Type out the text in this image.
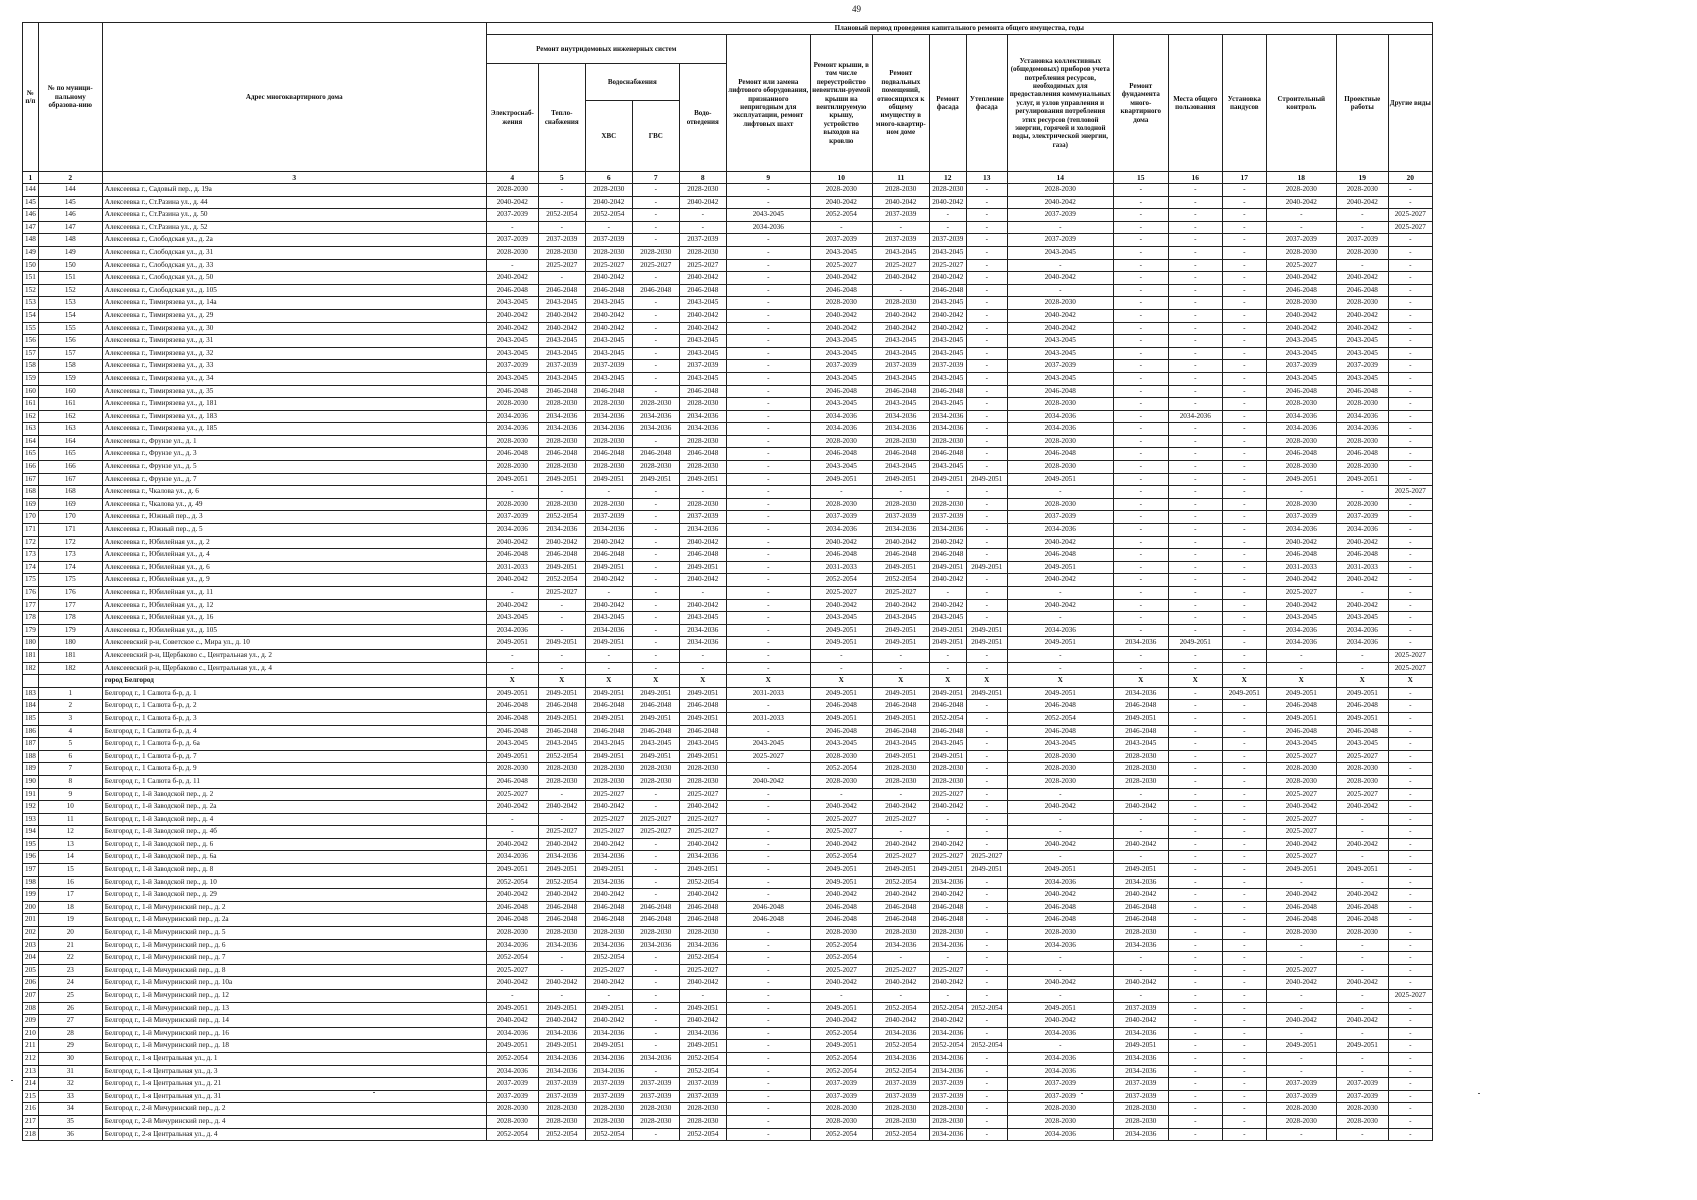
49
№ п/п	№ по муници-пальному образова-нию	Адрес многоквартирного дома	Плановый период проведения капитального ремонта общего имущества, годы																
			Ремонт внутридомовых инженерных систем					Ремонт или замена лифтового оборудования, признанного непригодным для эксплуатации, ремонт лифтовых шахт	Ремонт крыши, в том числе переустройство невентили-руемой крыши на вентилируемую крышу, устройство выходов на кровлю	Ремонт подвальных помещений, относящихся к общему имуществу в много-квартир-ном доме	Ремонт фасада	Утепление фасада	Установка коллективных (общедомовых) приборов учета потребления ресурсов, необходимых для предоставления коммунальных услуг, и узлов управления и регулирования потребления этих ресурсов (тепловой энергии, горячей и холодной воды, электрической энергии, газа)	Ремонт фундамента много-квартирного дома	Места общего пользования	Установка пандусов	Строительный контроль	Проектные работы	Другие виды
			Электроснаб-жения	Тепло-снабжения	Водоснабжения		Водо-отведения												
					ХВС	ГВС													
1	2	3	4	5	6	7	8	9	10	11	12	13	14	15	16	17	18	19	20
144	144	Алексеевка г., Садовый пер., д. 19а	2028-2030	-	2028-2030	-	2028-2030	-	2028-2030	2028-2030	2028-2030	-	2028-2030	-	-	-	2028-2030	2028-2030	-
145	145	Алексеевка г., Ст.Разина ул., д. 44	2040-2042	-	2040-2042	-	2040-2042	-	2040-2042	2040-2042	2040-2042	-	2040-2042	-	-	-	2040-2042	2040-2042	-
146	146	Алексеевка г., Ст.Разина ул., д. 50	2037-2039	2052-2054	2052-2054	-	-	2043-2045	2052-2054	2037-2039	-	-	2037-2039	-	-	-	-	-	2025-2027
147	147	Алексеевка г., Ст.Разина ул., д. 52	-	-	-	-	-	2034-2036	-	-	-	-	-	-	-	-	-	-	2025-2027
148	148	Алексеевка г., Слободская ул., д. 2а	2037-2039	2037-2039	2037-2039	-	2037-2039	-	2037-2039	2037-2039	2037-2039	-	2037-2039	-	-	-	2037-2039	2037-2039	-
149	149	Алексеевка г., Слободская ул., д. 31	2028-2030	2028-2030	2028-2030	2028-2030	2028-2030	-	2043-2045	2043-2045	2043-2045	-	2043-2045	-	-	-	2028-2030	2028-2030	-
150	150	Алексеевка г., Слободская ул., д. 33	-	2025-2027	2025-2027	2025-2027	2025-2027	-	2025-2027	2025-2027	2025-2027	-	-	-	-	-	2025-2027	-	-
151	151	Алексеевка г., Слободская ул., д. 50	2040-2042	-	2040-2042	-	2040-2042	-	2040-2042	2040-2042	2040-2042	-	2040-2042	-	-	-	2040-2042	2040-2042	-
152	152	Алексеевка г., Слободская ул., д. 105	2046-2048	2046-2048	2046-2048	2046-2048	2046-2048	-	2046-2048	-	2046-2048	-	-	-	-	-	2046-2048	2046-2048	-
153	153	Алексеевка г., Тимирязева ул., д. 14а	2043-2045	2043-2045	2043-2045	-	2043-2045	-	2028-2030	2028-2030	2043-2045	-	2028-2030	-	-	-	2028-2030	2028-2030	-
154	154	Алексеевка г., Тимирязева ул., д. 29	2040-2042	2040-2042	2040-2042	-	2040-2042	-	2040-2042	2040-2042	2040-2042	-	2040-2042	-	-	-	2040-2042	2040-2042	-
155	155	Алексеевка г., Тимирязева ул., д. 30	2040-2042	2040-2042	2040-2042	-	2040-2042	-	2040-2042	2040-2042	2040-2042	-	2040-2042	-	-	-	2040-2042	2040-2042	-
156	156	Алексеевка г., Тимирязева ул., д. 31	2043-2045	2043-2045	2043-2045	-	2043-2045	-	2043-2045	2043-2045	2043-2045	-	2043-2045	-	-	-	2043-2045	2043-2045	-
157	157	Алексеевка г., Тимирязева ул., д. 32	2043-2045	2043-2045	2043-2045	-	2043-2045	-	2043-2045	2043-2045	2043-2045	-	2043-2045	-	-	-	2043-2045	2043-2045	-
158	158	Алексеевка г., Тимирязева ул., д. 33	2037-2039	2037-2039	2037-2039	-	2037-2039	-	2037-2039	2037-2039	2037-2039	-	2037-2039	-	-	-	2037-2039	2037-2039	-
159	159	Алексеевка г., Тимирязева ул., д. 34	2043-2045	2043-2045	2043-2045	-	2043-2045	-	2043-2045	2043-2045	2043-2045	-	2043-2045	-	-	-	2043-2045	2043-2045	-
160	160	Алексеевка г., Тимирязева ул., д. 35	2046-2048	2046-2048	2046-2048	-	2046-2048	-	2046-2048	2046-2048	2046-2048	-	2046-2048	-	-	-	2046-2048	2046-2048	-
161	161	Алексеевка г., Тимирязева ул., д. 181	2028-2030	2028-2030	2028-2030	2028-2030	2028-2030	-	2043-2045	2043-2045	2043-2045	-	2028-2030	-	-	-	2028-2030	2028-2030	-
162	162	Алексеевка г., Тимирязева ул., д. 183	2034-2036	2034-2036	2034-2036	2034-2036	2034-2036	-	2034-2036	2034-2036	2034-2036	-	2034-2036	-	2034-2036	-	2034-2036	2034-2036	-
163	163	Алексеевка г., Тимирязева ул., д. 185	2034-2036	2034-2036	2034-2036	2034-2036	2034-2036	-	2034-2036	2034-2036	2034-2036	-	2034-2036	-	-	-	2034-2036	2034-2036	-
164	164	Алексеевка г., Фрунзе ул., д. 1	2028-2030	2028-2030	2028-2030	-	2028-2030	-	2028-2030	2028-2030	2028-2030	-	2028-2030	-	-	-	2028-2030	2028-2030	-
165	165	Алексеевка г., Фрунзе ул., д. 3	2046-2048	2046-2048	2046-2048	2046-2048	2046-2048	-	2046-2048	2046-2048	2046-2048	-	2046-2048	-	-	-	2046-2048	2046-2048	-
166	166	Алексеевка г., Фрунзе ул., д. 5	2028-2030	2028-2030	2028-2030	2028-2030	2028-2030	-	2043-2045	2043-2045	2043-2045	-	2028-2030	-	-	-	2028-2030	2028-2030	-
167	167	Алексеевка г., Фрунзе ул., д. 7	2049-2051	2049-2051	2049-2051	2049-2051	2049-2051	-	2049-2051	2049-2051	2049-2051	2049-2051	2049-2051	-	-	-	2049-2051	2049-2051	-
168	168	Алексеевка г., Чкалова ул., д. 6	-	-	-	-	-	-	-	-	-	-	-	-	-	-	-	-	2025-2027
169	169	Алексеевка г., Чкалова ул., д. 49	2028-2030	2028-2030	2028-2030	-	2028-2030	-	2028-2030	2028-2030	2028-2030	-	2028-2030	-	-	-	2028-2030	2028-2030	-
170	170	Алексеевка г., Южный пер., д. 3	2037-2039	2052-2054	2037-2039	-	2037-2039	-	2037-2039	2037-2039	2037-2039	-	2037-2039	-	-	-	2037-2039	2037-2039	-
171	171	Алексеевка г., Южный пер., д. 5	2034-2036	2034-2036	2034-2036	-	2034-2036	-	2034-2036	2034-2036	2034-2036	-	2034-2036	-	-	-	2034-2036	2034-2036	-
172	172	Алексеевка г., Юбилейная ул., д. 2	2040-2042	2040-2042	2040-2042	-	2040-2042	-	2040-2042	2040-2042	2040-2042	-	2040-2042	-	-	-	2040-2042	2040-2042	-
173	173	Алексеевка г., Юбилейная ул., д. 4	2046-2048	2046-2048	2046-2048	-	2046-2048	-	2046-2048	2046-2048	2046-2048	-	2046-2048	-	-	-	2046-2048	2046-2048	-
174	174	Алексеевка г., Юбилейная ул., д. 6	2031-2033	2049-2051	2049-2051	-	2049-2051	-	2031-2033	2049-2051	2049-2051	2049-2051	2049-2051	-	-	-	2031-2033	2031-2033	-
175	175	Алексеевка г., Юбилейная ул., д. 9	2040-2042	2052-2054	2040-2042	-	2040-2042	-	2052-2054	2052-2054	2040-2042	-	2040-2042	-	-	-	2040-2042	2040-2042	-
176	176	Алексеевка г., Юбилейная ул., д. 11	-	2025-2027	-	-	-	-	2025-2027	2025-2027	-	-	-	-	-	-	2025-2027	-	-
177	177	Алексеевка г., Юбилейная ул., д. 12	2040-2042	-	2040-2042	-	2040-2042	-	2040-2042	2040-2042	2040-2042	-	2040-2042	-	-	-	2040-2042	2040-2042	-
178	178	Алексеевка г., Юбилейная ул., д. 16	2043-2045	-	2043-2045	-	2043-2045	-	2043-2045	2043-2045	2043-2045	-	-	-	-	-	2043-2045	2043-2045	-
179	179	Алексеевка г., Юбилейная ул., д. 105	2034-2036	-	2034-2036	-	2034-2036	-	2049-2051	2049-2051	2049-2051	2049-2051	2034-2036	-	-	-	2034-2036	2034-2036	-
180	180	Алексеевский р-н, Советское с., Мира ул., д. 10	2049-2051	2049-2051	2049-2051	-	2034-2036	-	2049-2051	2049-2051	2049-2051	2049-2051	2049-2051	2034-2036	2049-2051	-	2034-2036	2034-2036	-
181	181	Алексеевский р-н, Щербаково с., Центральная ул., д. 2	-	-	-	-	-	-	-	-	-	-	-	-	-	-	-	-	2025-2027
182	182	Алексеевский р-н, Щербаково с., Центральная ул., д. 4	-	-	-	-	-	-	-	-	-	-	-	-	-	-	-	-	2025-2027
		город Белгород	X	X	X	X	X	X	X	X	X	X	X	X	X	X	X	X	X
183	1	Белгород г., 1 Салюта б-р, д. 1	2049-2051	2049-2051	2049-2051	2049-2051	2049-2051	2031-2033	2049-2051	2049-2051	2049-2051	2049-2051	2049-2051	2034-2036	-	2049-2051	2049-2051	2049-2051	-
184	2	Белгород г., 1 Салюта б-р, д. 2	2046-2048	2046-2048	2046-2048	2046-2048	2046-2048	-	2046-2048	2046-2048	2046-2048	-	2046-2048	2046-2048	-	-	2046-2048	2046-2048	-
185	3	Белгород г., 1 Салюта б-р, д. 3	2046-2048	2049-2051	2049-2051	2049-2051	2049-2051	2031-2033	2049-2051	2049-2051	2052-2054	-	2052-2054	2049-2051	-	-	2049-2051	2049-2051	-
186	4	Белгород г., 1 Салюта б-р, д. 4	2046-2048	2046-2048	2046-2048	2046-2048	2046-2048	-	2046-2048	2046-2048	2046-2048	-	2046-2048	2046-2048	-	-	2046-2048	2046-2048	-
187	5	Белгород г., 1 Салюта б-р, д. 6а	2043-2045	2043-2045	2043-2045	2043-2045	2043-2045	2043-2045	2043-2045	2043-2045	2043-2045	-	2043-2045	2043-2045	-	-	2043-2045	2043-2045	-
188	6	Белгород г., 1 Салюта б-р, д. 7	2049-2051	2052-2054	2049-2051	2049-2051	2049-2051	2025-2027	2028-2030	2049-2051	2049-2051	-	2028-2030	2028-2030	-	-	2025-2027	2025-2027	-
189	7	Белгород г., 1 Салюта б-р, д. 9	2028-2030	2028-2030	2028-2030	2028-2030	2028-2030	-	2052-2054	2028-2030	2028-2030	-	2028-2030	2028-2030	-	-	2028-2030	2028-2030	-
190	8	Белгород г., 1 Салюта б-р, д. 11	2046-2048	2028-2030	2028-2030	2028-2030	2028-2030	2040-2042	2028-2030	2028-2030	2028-2030	-	2028-2030	2028-2030	-	-	2028-2030	2028-2030	-
191	9	Белгород г., 1-й Заводской пер., д. 2	2025-2027	-	2025-2027	-	2025-2027	-	-	-	2025-2027	-	-	-	-	-	2025-2027	2025-2027	-
192	10	Белгород г., 1-й Заводской пер., д. 2а	2040-2042	2040-2042	2040-2042	-	2040-2042	-	2040-2042	2040-2042	2040-2042	-	2040-2042	2040-2042	-	-	2040-2042	2040-2042	-
193	11	Белгород г., 1-й Заводской пер., д. 4	-	-	2025-2027	2025-2027	2025-2027	-	2025-2027	2025-2027	-	-	-	-	-	-	2025-2027	-	-
194	12	Белгород г., 1-й Заводской пер., д. 4б	-	2025-2027	2025-2027	2025-2027	2025-2027	-	2025-2027	-	-	-	-	-	-	-	2025-2027	-	-
195	13	Белгород г., 1-й Заводской пер., д. 6	2040-2042	2040-2042	2040-2042	-	2040-2042	-	2040-2042	2040-2042	2040-2042	-	2040-2042	2040-2042	-	-	2040-2042	2040-2042	-
196	14	Белгород г., 1-й Заводской пер., д. 6а	2034-2036	2034-2036	2034-2036	-	2034-2036	-	2052-2054	2025-2027	2025-2027	2025-2027	-	-	-	-	2025-2027	-	-
197	15	Белгород г., 1-й Заводской пер., д. 8	2049-2051	2049-2051	2049-2051	-	2049-2051	-	2049-2051	2049-2051	2049-2051	2049-2051	2049-2051	2049-2051	-	-	2049-2051	2049-2051	-
198	16	Белгород г., 1-й Заводской пер., д. 10	2052-2054	2052-2054	2034-2036	-	2052-2054	-	2049-2051	2052-2054	2034-2036	-	2034-2036	2034-2036	-	-	-	-	-
199	17	Белгород г., 1-й Заводской пер., д. 29	2040-2042	2040-2042	2040-2042	-	2040-2042	-	2040-2042	2040-2042	2040-2042	-	2040-2042	2040-2042	-	-	2040-2042	2040-2042	-
200	18	Белгород г., 1-й Мичуринский пер., д. 2	2046-2048	2046-2048	2046-2048	2046-2048	2046-2048	2046-2048	2046-2048	2046-2048	2046-2048	-	2046-2048	2046-2048	-	-	2046-2048	2046-2048	-
201	19	Белгород г., 1-й Мичуринский пер., д. 2а	2046-2048	2046-2048	2046-2048	2046-2048	2046-2048	2046-2048	2046-2048	2046-2048	2046-2048	-	2046-2048	2046-2048	-	-	2046-2048	2046-2048	-
202	20	Белгород г., 1-й Мичуринский пер., д. 5	2028-2030	2028-2030	2028-2030	2028-2030	2028-2030	-	2028-2030	2028-2030	2028-2030	-	2028-2030	2028-2030	-	-	2028-2030	2028-2030	-
203	21	Белгород г., 1-й Мичуринский пер., д. 6	2034-2036	2034-2036	2034-2036	2034-2036	2034-2036	-	2052-2054	2034-2036	2034-2036	-	2034-2036	2034-2036	-	-	-	-	-
204	22	Белгород г., 1-й Мичуринский пер., д. 7	2052-2054	-	2052-2054	-	2052-2054	-	2052-2054	-	-	-	-	-	-	-	-	-	-
205	23	Белгород г., 1-й Мичуринский пер., д. 8	2025-2027	-	2025-2027	-	2025-2027	-	2025-2027	2025-2027	2025-2027	-	-	-	-	-	2025-2027	-	-
206	24	Белгород г., 1-й Мичуринский пер., д. 10а	2040-2042	2040-2042	2040-2042	-	2040-2042	-	2040-2042	2040-2042	2040-2042	-	2040-2042	2040-2042	-	-	2040-2042	2040-2042	-
207	25	Белгород г., 1-й Мичуринский пер., д. 12	-	-	-	-	-	-	-	-	-	-	-	-	-	-	-	-	2025-2027
208	26	Белгород г., 1-й Мичуринский пер., д. 13	2049-2051	2049-2051	2049-2051	-	2049-2051	-	2049-2051	2052-2054	2052-2054	2052-2054	2049-2051	2037-2039	-	-	-	-	-
209	27	Белгород г., 1-й Мичуринский пер., д. 14	2040-2042	2040-2042	2040-2042	-	2040-2042	-	2040-2042	2040-2042	2040-2042	-	2040-2042	2040-2042	-	-	2040-2042	2040-2042	-
210	28	Белгород г., 1-й Мичуринский пер., д. 16	2034-2036	2034-2036	2034-2036	-	2034-2036	-	2052-2054	2034-2036	2034-2036	-	2034-2036	2034-2036	-	-	-	-	-
211	29	Белгород г., 1-й Мичуринский пер., д. 18	2049-2051	2049-2051	2049-2051	-	2049-2051	-	2049-2051	2052-2054	2052-2054	2052-2054	-	2049-2051	-	-	2049-2051	2049-2051	-
212	30	Белгород г., 1-я Центральная ул., д. 1	2052-2054	2034-2036	2034-2036	2034-2036	2052-2054	-	2052-2054	2034-2036	2034-2036	-	2034-2036	2034-2036	-	-	-	-	-
213	31	Белгород г., 1-я Центральная ул., д. 3	2034-2036	2034-2036	2034-2036	-	2052-2054	-	2052-2054	2052-2054	2034-2036	-	2034-2036	2034-2036	-	-	-	-	-
214	32	Белгород г., 1-я Центральная ул., д. 21	2037-2039	2037-2039	2037-2039	2037-2039	2037-2039	-	2037-2039	2037-2039	2037-2039	-	2037-2039	2037-2039	-	-	2037-2039	2037-2039	-
215	33	Белгород г., 1-я Центральная ул., д. 31	2037-2039	2037-2039	2037-2039	2037-2039	2037-2039	-	2037-2039	2037-2039	2037-2039	-	2037-2039	2037-2039	-	-	2037-2039	2037-2039	-
216	34	Белгород г., 2-й Мичуринский пер., д. 2	2028-2030	2028-2030	2028-2030	2028-2030	2028-2030	-	2028-2030	2028-2030	2028-2030	-	2028-2030	2028-2030	-	-	2028-2030	2028-2030	-
217	35	Белгород г., 2-й Мичуринский пер., д. 4	2028-2030	2028-2030	2028-2030	2028-2030	2028-2030	-	2028-2030	2028-2030	2028-2030	-	2028-2030	2028-2030	-	-	2028-2030	2028-2030	-
218	36	Белгород г., 2-я Центральная ул., д. 4	2052-2054	2052-2054	2052-2054	-	2052-2054	-	2052-2054	2052-2054	2034-2036	-	2034-2036	2034-2036	-	-	-	-	-
